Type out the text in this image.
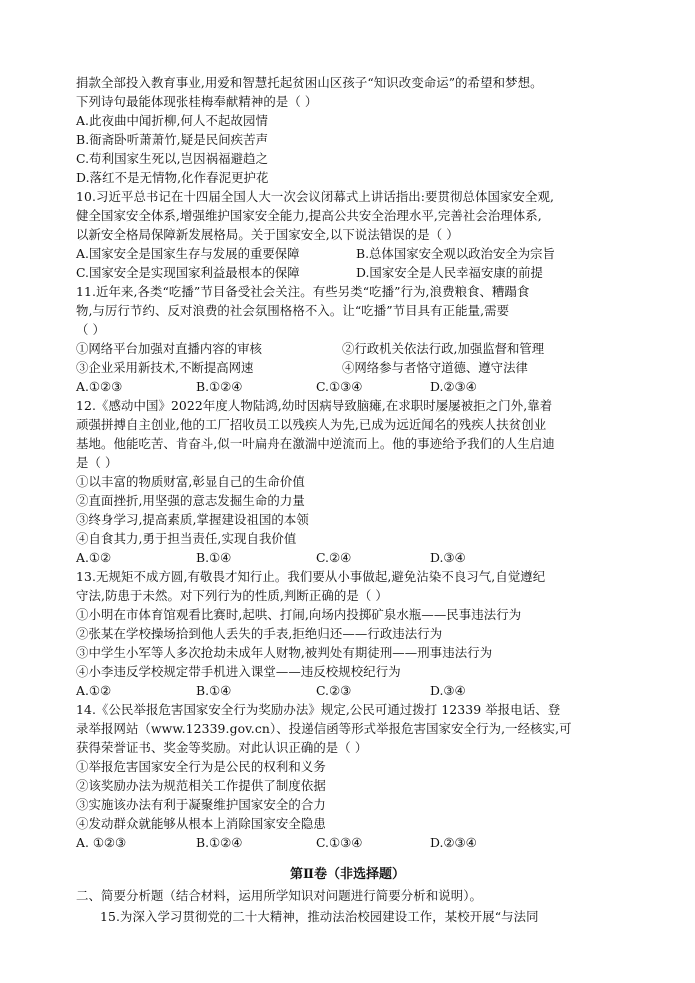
捐款全部投入教育事业,用爱和智慧托起贫困山区孩子“知识改变命运”的希望和梦想。
下列诗句最能体现张桂梅奉献精神的是（ ）
A.此夜曲中闻折柳,何人不起故园情
B.衙斋卧听萧萧竹,疑是民间疾苦声
C.苟利国家生死以,岂因祸福避趋之
D.落红不是无情物,化作春泥更护花
10.习近平总书记在十四届全国人大一次会议闭幕式上讲话指出:要贯彻总体国家安全观,
健全国家安全体系,增强维护国家安全能力,提高公共安全治理水平,完善社会治理体系,
以新安全格局保障新发展格局。关于国家安全,以下说法错误的是（ ）
A.国家安全是国家生存与发展的重要保障	B.总体国家安全观以政治安全为宗旨
C.国家安全是实现国家利益最根本的保障	D.国家安全是人民幸福安康的前提
11.近年来,各类“吃播”节目备受社会关注。有些另类“吃播”行为,浪费粮食、糟蹋食
物,与厉行节约、反对浪费的社会氛围格格不入。让“吃播”节目具有正能量,需要
（ ）
①网络平台加强对直播内容的审核	②行政机关依法行政,加强监督和管理
③企业采用新技术,不断提高网速	④网络参与者恪守道德、遵守法律
A.①②③	B.①②④	C.①③④	D.②③④
12.《感动中国》2022年度人物陆鸿,幼时因病导致脑瘫,在求职时屡屡被拒之门外,靠着
顽强拼搏自主创业,他的工厂招收员工以残疾人为先,已成为远近闻名的残疾人扶贫创业
基地。他能吃苦、肯奋斗,似一叶扁舟在激湍中逆流而上。他的事迹给予我们的人生启迪
是（ ）
①以丰富的物质财富,彰显自己的生命价值
②直面挫折,用坚强的意志发掘生命的力量
③终身学习,提高素质,掌握建设祖国的本领
④自食其力,勇于担当责任,实现自我价值
A.①②	B.①④	C.②④	D.③④
13.无规矩不成方圆,有敬畏才知行止。我们要从小事做起,避免沾染不良习气,自觉遵纪
守法,防患于未然。对下列行为的性质,判断正确的是（ ）
①小明在市体育馆观看比赛时,起哄、打闹,向场内投掷矿泉水瓶——民事违法行为
②张某在学校操场拾到他人丢失的手表,拒绝归还——行政违法行为
③中学生小军等人多次抢劫未成年人财物,被判处有期徒刑——刑事违法行为
④小李违反学校规定带手机进入课堂——违反校规校纪行为
A.①②	B.①④	C.②③	D.③④
14.《公民举报危害国家安全行为奖励办法》规定,公民可通过拨打 12339 举报电话、登
录举报网站（www.12339.gov.cn）、投递信函等形式举报危害国家安全行为,一经核实,可
获得荣誉证书、奖金等奖励。对此认识正确的是（ ）
①举报危害国家安全行为是公民的权利和义务
②该奖励办法为规范相关工作提供了制度依据
③实施该办法有利于凝聚维护国家安全的合力
④发动群众就能够从根本上消除国家安全隐患
A. ①②③	B.①②④	C.①③④	D.②③④
第Ⅱ卷（非选择题）
二、简要分析题（结合材料，运用所学知识对问题进行简要分析和说明）。
15.为深入学习贯彻党的二十大精神，推动法治校园建设工作，某校开展“与法同
